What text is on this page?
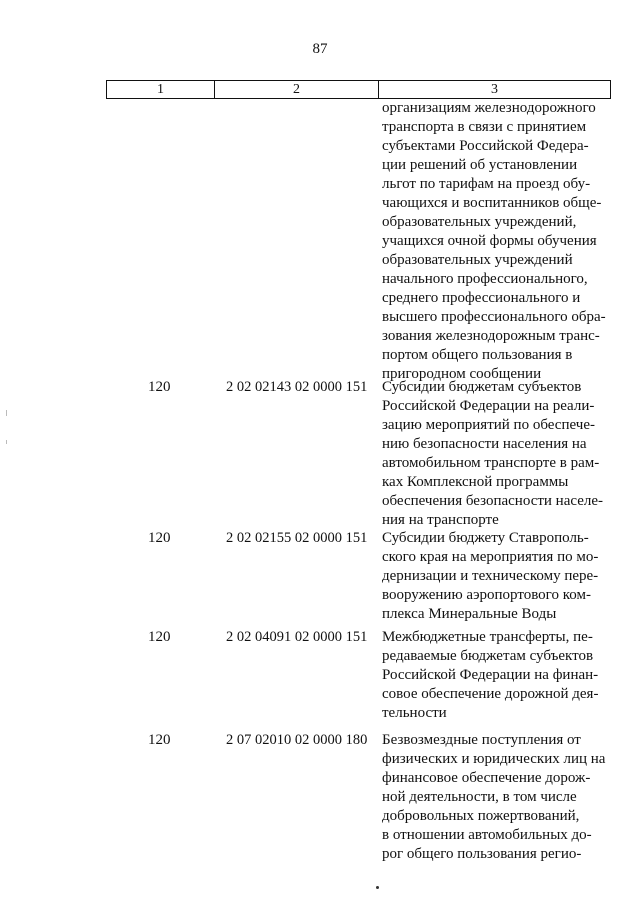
87
1	2	3
организациям железнодорожного
транспорта в связи с принятием
субъектами Российской Федера-
ции решений об установлении
льгот по тарифам на проезд обу-
чающихся и воспитанников обще-
образовательных учреждений,
учащихся очной формы обучения
образовательных учреждений
начального профессионального,
среднего профессионального и
высшего профессионального обра-
зования железнодорожным транс-
портом общего пользования в
пригородном сообщении
120	2 02 02143 02 0000 151 Субсидии бюджетам субъектов
Российской Федерации на реали-
зацию мероприятий по обеспече-
нию безопасности населения на
автомобильном транспорте в рам-
ках Комплексной программы
обеспечения безопасности населе-
ния на транспорте
120	2 02 02155 02 0000 151 Субсидии бюджету Ставрополь-
ского края на мероприятия по мо-
дернизации и техническому пере-
вооружению аэропортового ком-
плекса Минеральные Воды
120	2 02 04091 02 0000 151 Межбюджетные трансферты, пе-
редаваемые бюджетам субъектов
Российской Федерации на финан-
совое обеспечение дорожной дея-
тельности
120	2 07 02010 02 0000 180 Безвозмездные поступления от
физических и юридических лиц на
финансовое обеспечение дорож-
ной деятельности, в том числе
добровольных пожертвований,
в отношении автомобильных до-
рог общего пользования регио-
